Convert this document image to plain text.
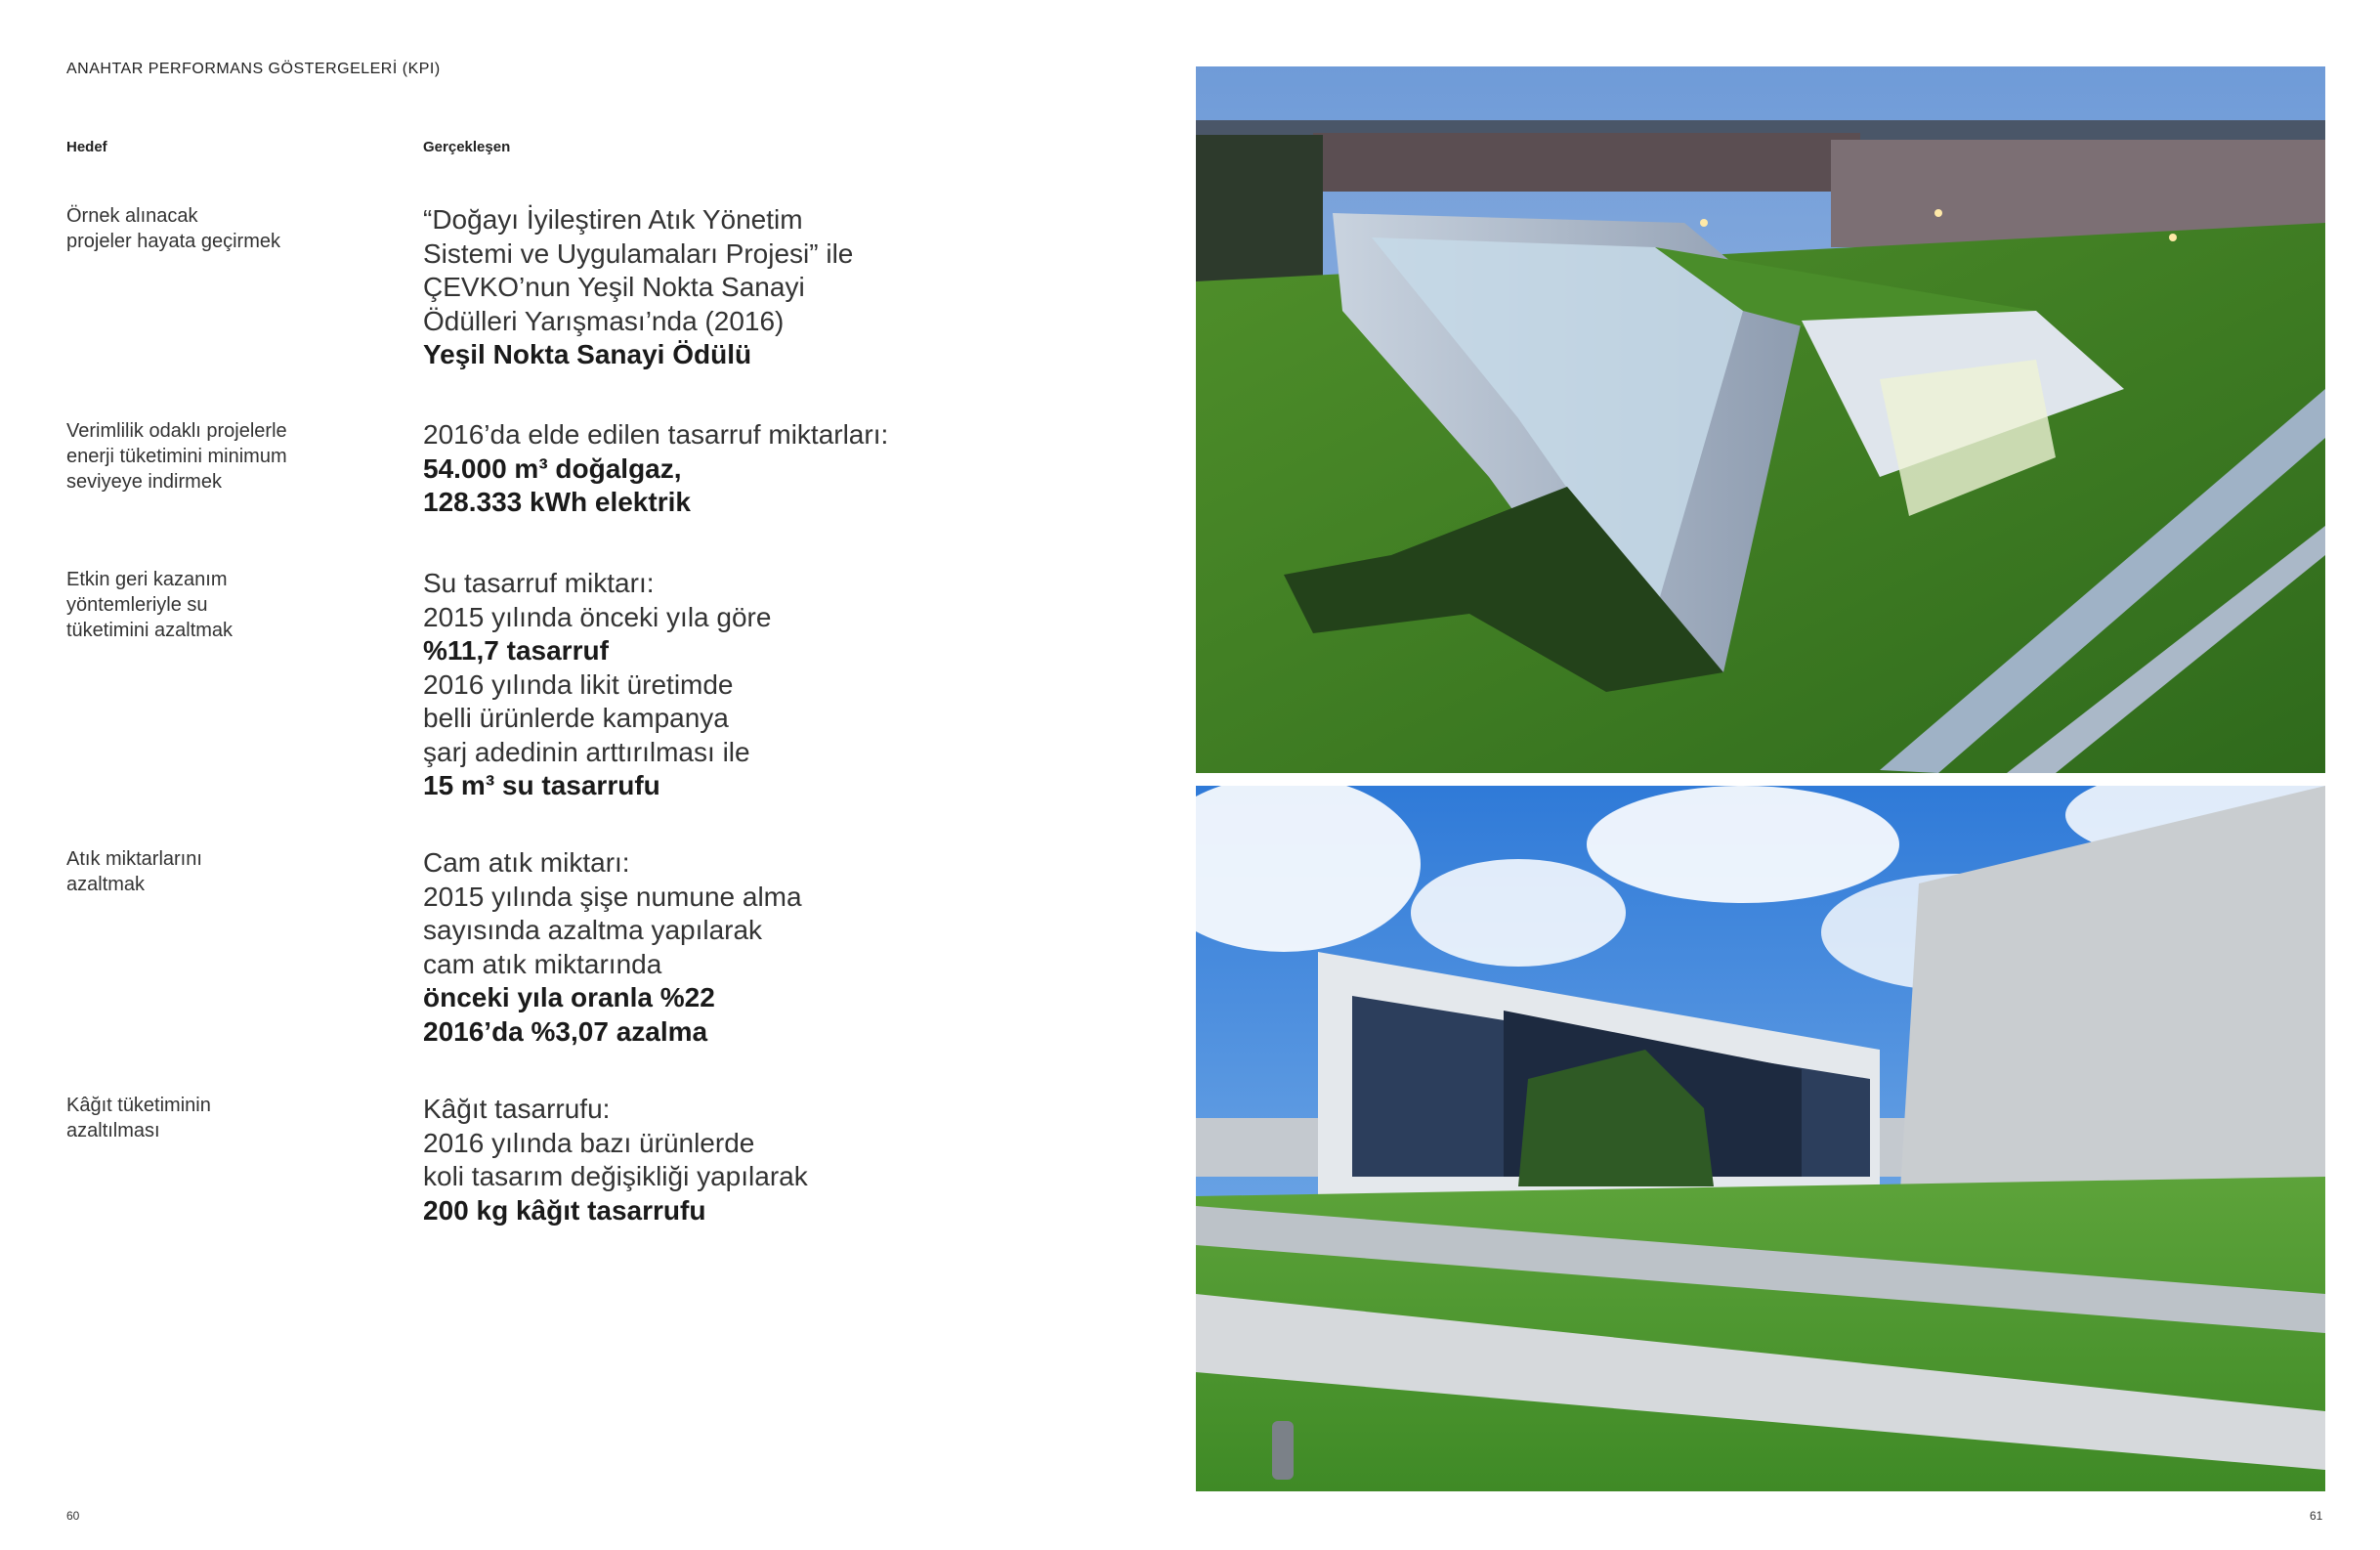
ANAHTAR PERFORMANS GÖSTERGELERİ (KPI)
Hedef	Gerçekleşen
Örnek alınacak
projeler hayata geçirmek
“Doğayı İyileştiren Atık Yönetim
Sistemi ve Uygulamaları Projesi” ile
ÇEVKO’nun Yeşil Nokta Sanayi
Ödülleri Yarışması’nda (2016)
Yeşil Nokta Sanayi Ödülü
Verimlilik odaklı projelerle
enerji tüketimini minimum
seviyeye indirmek
2016’da elde edilen tasarruf miktarları:
54.000 m³ doğalgaz,
128.333 kWh elektrik
Etkin geri kazanım
yöntemleriyle su
tüketimini azaltmak
Su tasarruf miktarı:
2015 yılında önceki yıla göre
%11,7 tasarruf
2016 yılında likit üretimde
belli ürünlerde kampanya
şarj adedinin arttırılması ile
15 m³ su tasarrufu
Atık miktarlarını
azaltmak
Cam atık miktarı:
2015 yılında şişe numune alma
sayısında azaltma yapılarak
cam atık miktarında
önceki yıla oranla %22
2016’da %3,07 azalma
Kâğıt tüketiminin
azaltılması
Kâğıt tasarrufu:
2016 yılında bazı ürünlerde
koli tasarım değişikliği yapılarak
200 kg kâğıt tasarrufu
60	61
